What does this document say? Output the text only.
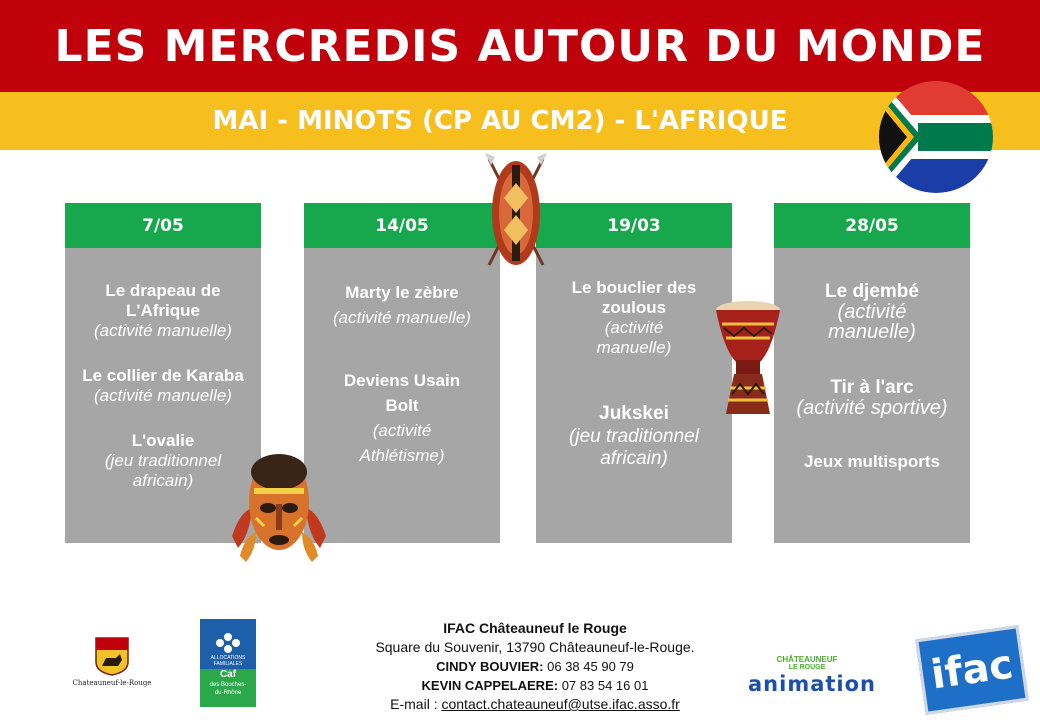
LES MERCREDIS AUTOUR DU MONDE
MAI - MINOTS (CP AU CM2) - L'AFRIQUE
7/05
Le drapeau de L'Afrique
(activité manuelle)
Le collier de Karaba
(activité manuelle)
L'ovalie
(jeu traditionnel africain)
14/05
Marty le zèbre
(activité manuelle)
Deviens Usain Bolt
(activité Athlétisme)
19/03
Le bouclier des zoulous
(activité manuelle)
Jukskei
(jeu traditionnel africain)
28/05
Le djembé
(activité manuelle)
Tir à l'arc
(activité sportive)
Jeux multisports
Chateauneuf-le-Rouge
ALLOCATIONS
FAMILIALES
Caf
des Bouches-
du-Rhône
IFAC Châteauneuf le Rouge
Square du Souvenir, 13790 Châteauneuf-le-Rouge.
CINDY BOUVIER: 06 38 45 90 79
KEVIN CAPPELAERE: 07 83 54 16 01
E-mail : contact.chateauneuf@utse.ifac.asso.fr
CHÂTEAUNEUF
LE ROUGE
animation	ifac
